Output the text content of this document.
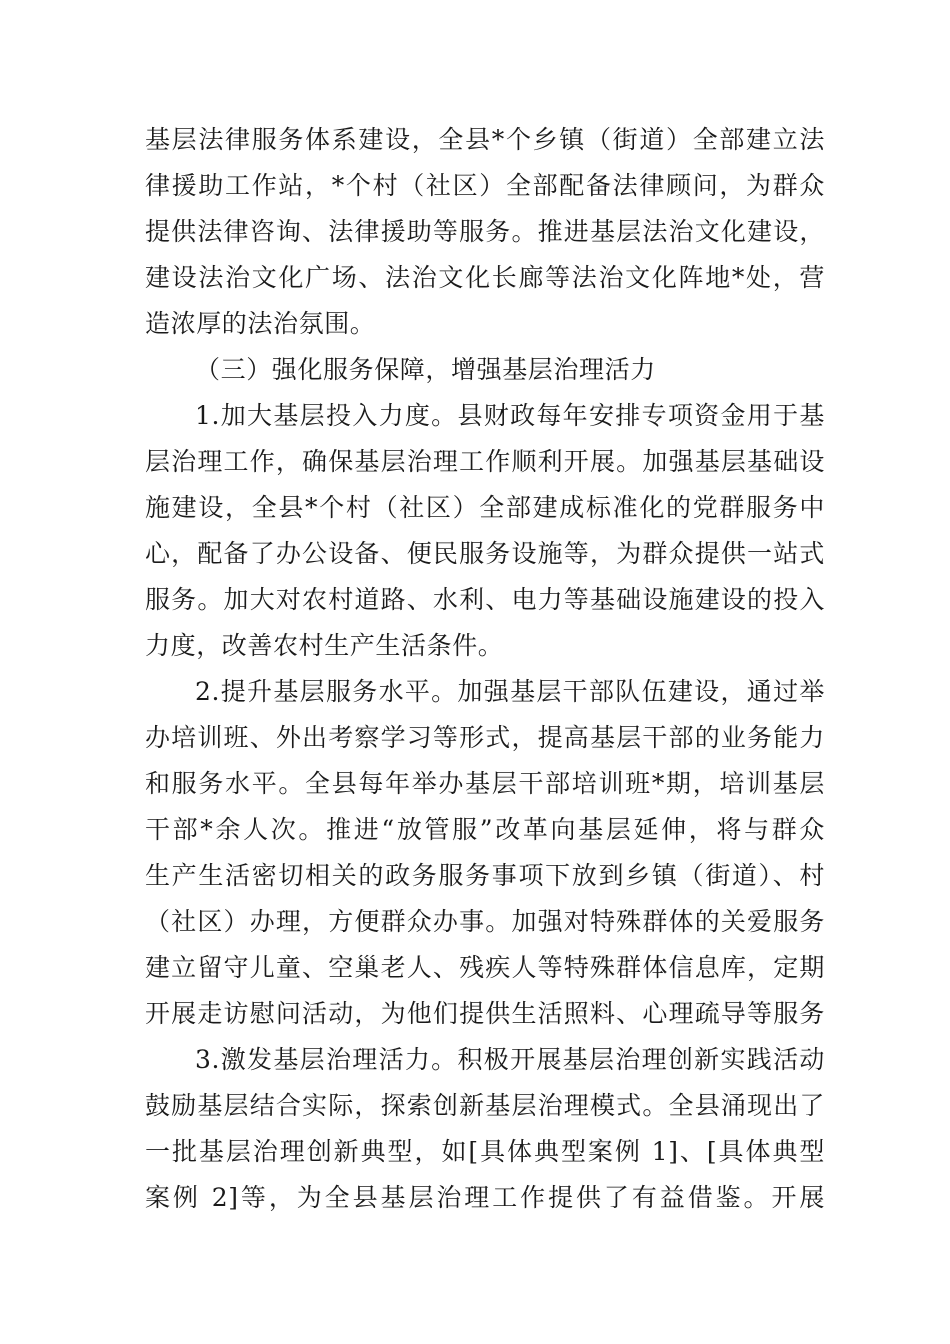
基层法律服务体系建设，全县*个乡镇（街道）全部建立法
律援助工作站，*个村（社区）全部配备法律顾问，为群众
提供法律咨询、法律援助等服务。推进基层法治文化建设，
建设法治文化广场、法治文化长廊等法治文化阵地*处，营
造浓厚的法治氛围。
（三）强化服务保障，增强基层治理活力
1.加大基层投入力度。县财政每年安排专项资金用于基
层治理工作，确保基层治理工作顺利开展。加强基层基础设
施建设，全县*个村（社区）全部建成标准化的党群服务中
心，配备了办公设备、便民服务设施等，为群众提供一站式
服务。加大对农村道路、水利、电力等基础设施建设的投入
力度，改善农村生产生活条件。
2.提升基层服务水平。加强基层干部队伍建设，通过举
办培训班、外出考察学习等形式，提高基层干部的业务能力
和服务水平。全县每年举办基层干部培训班*期，培训基层
干部*余人次。推进“放管服”改革向基层延伸，将与群众
生产生活密切相关的政务服务事项下放到乡镇（街道）、村
（社区）办理，方便群众办事。加强对特殊群体的关爱服务
建立留守儿童、空巢老人、残疾人等特殊群体信息库，定期
开展走访慰问活动，为他们提供生活照料、心理疏导等服务
3.激发基层治理活力。积极开展基层治理创新实践活动
鼓励基层结合实际，探索创新基层治理模式。全县涌现出了
一批基层治理创新典型，如[具体典型案例 1]、[具体典型
案例 2]等，为全县基层治理工作提供了有益借鉴。开展
